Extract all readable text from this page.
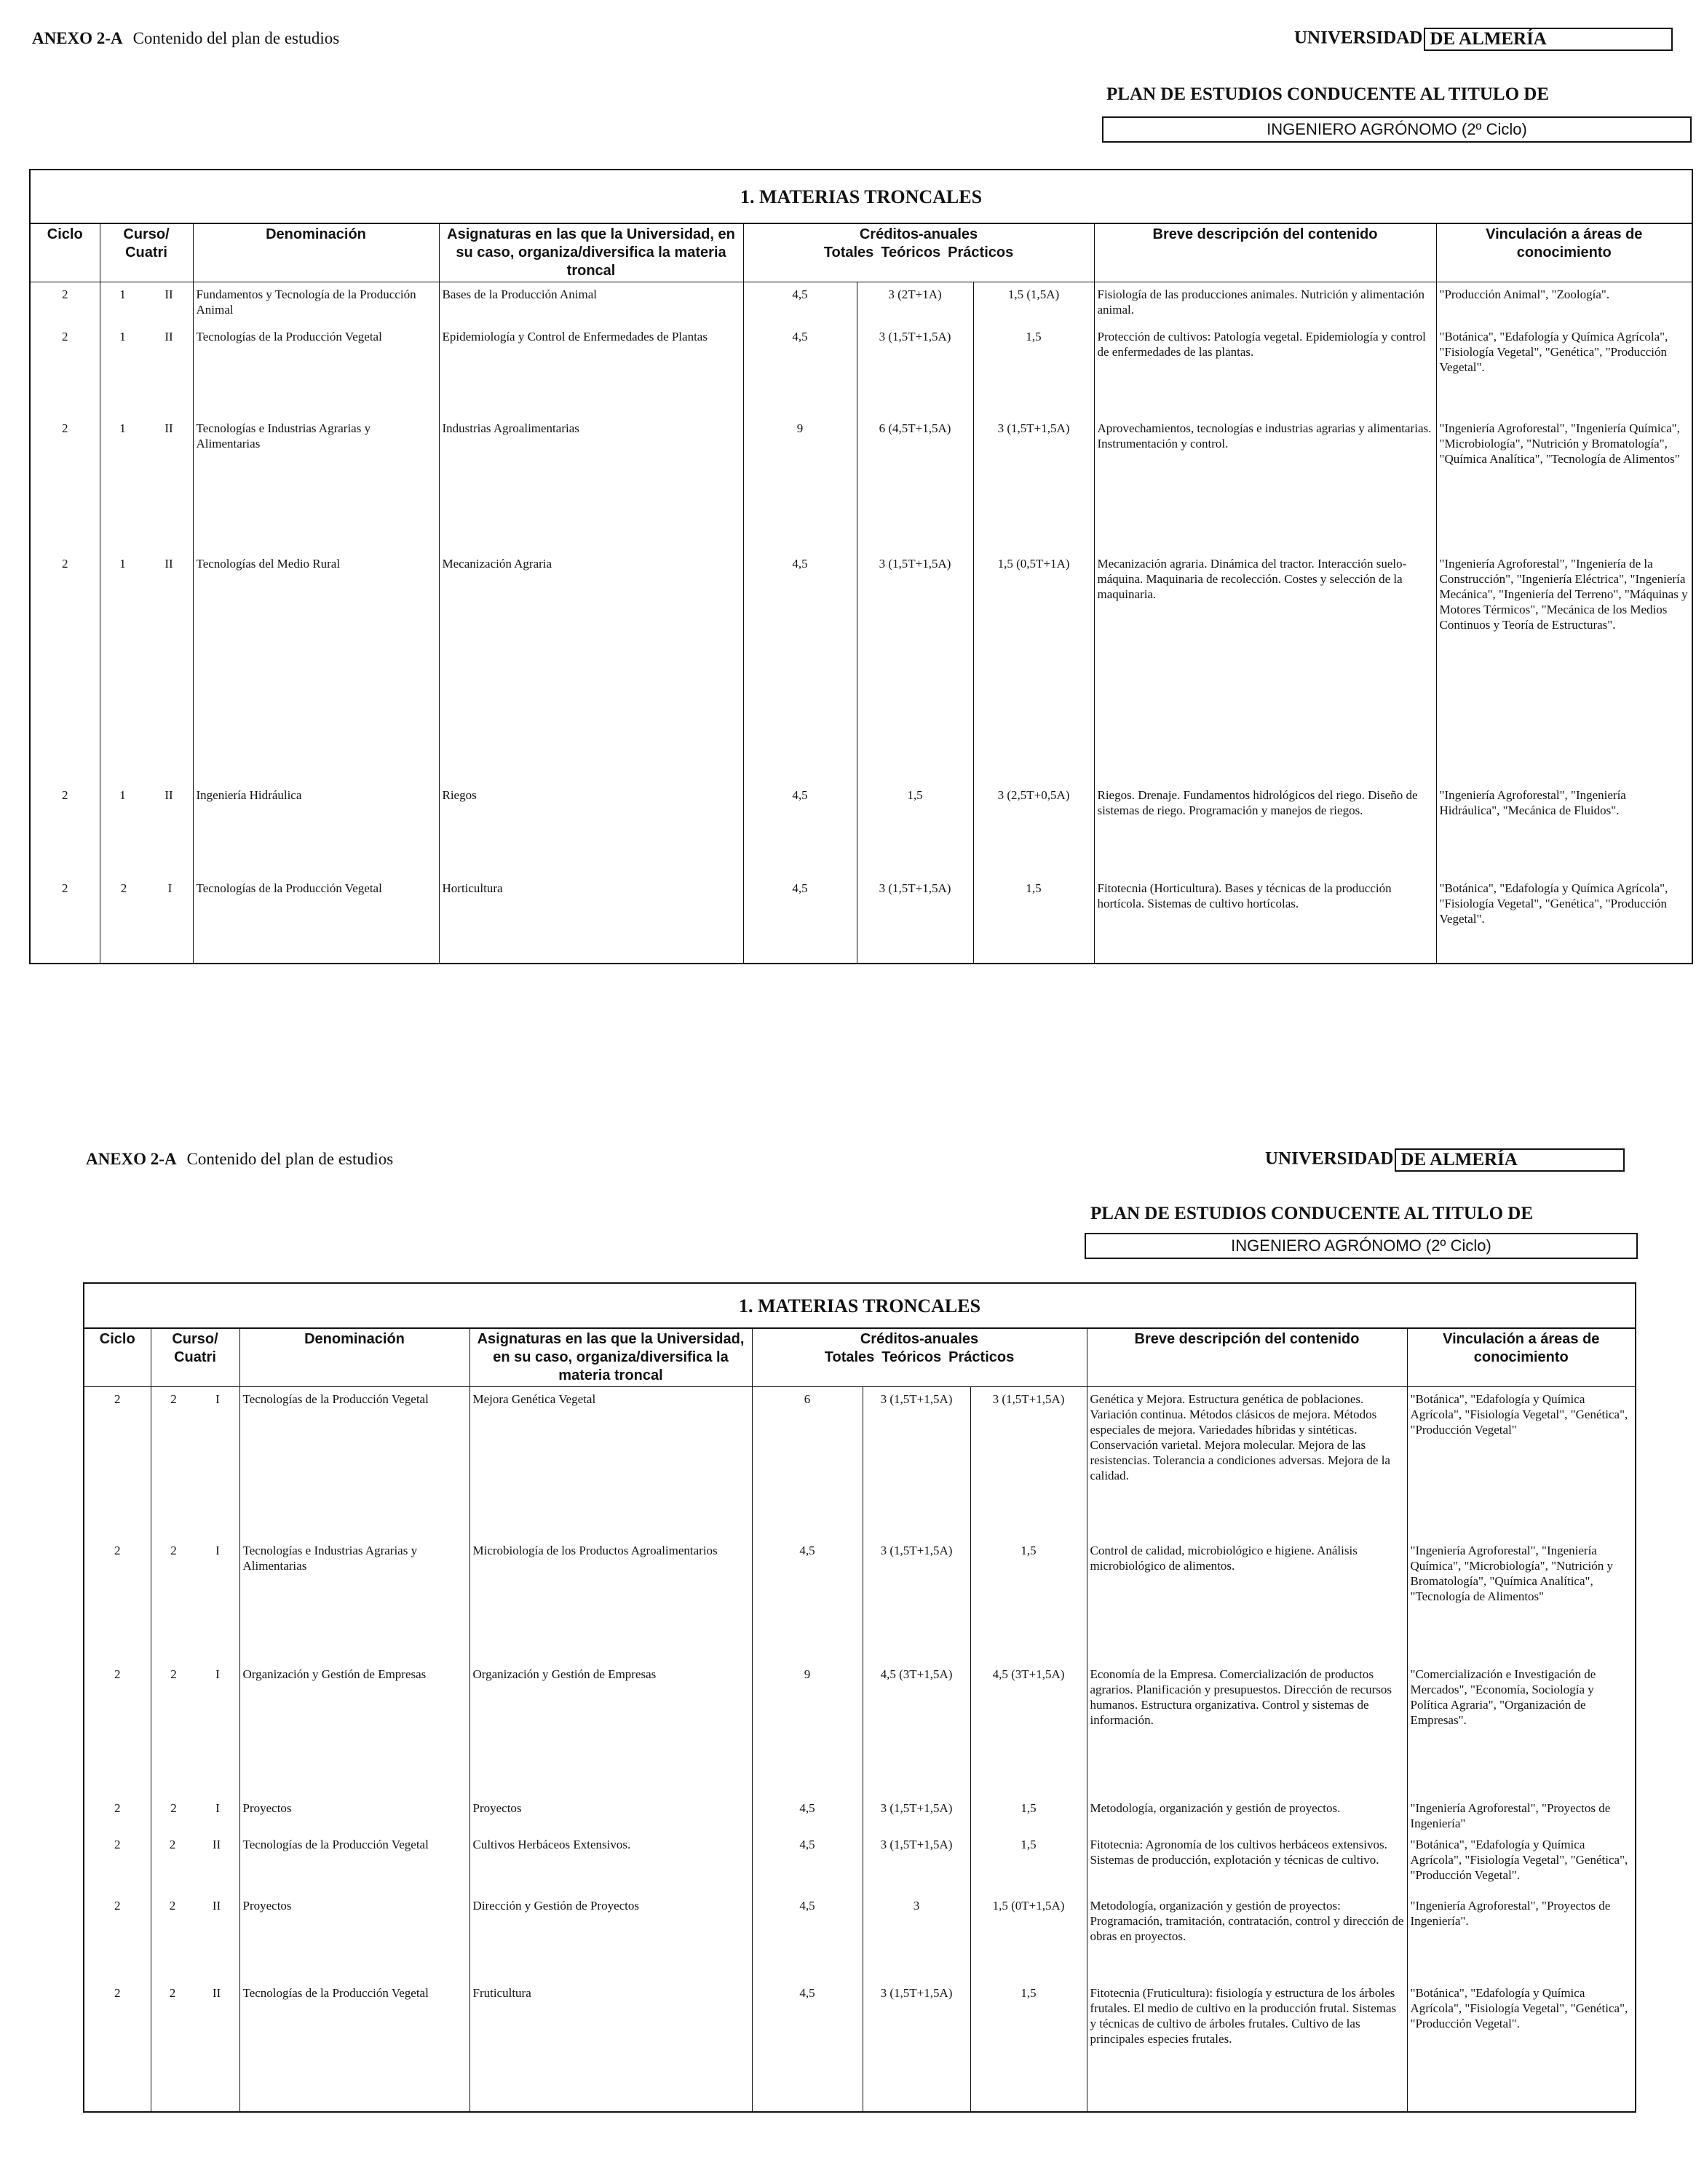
ANEXO 2-A Contenido del plan de estudios	UNIVERSIDAD DE ALMERÍA
PLAN DE ESTUDIOS CONDUCENTE AL TITULO DE
INGENIERO AGRÓNOMO (2º Ciclo)
1. MATERIAS TRONCALES								
Ciclo	Curso/ Cuatri	Denominación	Asignaturas en las que la Universidad, en su caso, organiza/diversifica la materia troncal	Créditos-anuales
Totales Teóricos Prácticos			Breve descripción del contenido	Vinculación a áreas de conocimiento
2	1 II	Fundamentos y Tecnología de la Producción Animal	Bases de la Producción Animal	4,5	3 (2T+1A)	1,5 (1,5A)	Fisiología de las producciones animales. Nutrición y alimentación animal.	"Producción Animal", "Zoología".
2	1 II	Tecnologías de la Producción Vegetal	Epidemiología y Control de Enfermedades de Plantas	4,5	3 (1,5T+1,5A)	1,5	Protección de cultivos: Patología vegetal. Epidemiología y control de enfermedades de las plantas.	"Botánica", "Edafología y Química Agrícola", "Fisiología Vegetal", "Genética", "Producción Vegetal".
2	1 II	Tecnologías e Industrias Agrarias y Alimentarias	Industrias Agroalimentarias	9	6 (4,5T+1,5A)	3 (1,5T+1,5A)	Aprovechamientos, tecnologías e industrias agrarias y alimentarias. Instrumentación y control.	"Ingeniería Agroforestal", "Ingeniería Química", "Microbiología", "Nutrición y Bromatología", "Química Analítica", "Tecnología de Alimentos"
2	1 II	Tecnologías del Medio Rural	Mecanización Agraria	4,5	3 (1,5T+1,5A)	1,5 (0,5T+1A)	Mecanización agraria. Dinámica del tractor. Interacción suelo-máquina. Maquinaria de recolección. Costes y selección de la maquinaria.	"Ingeniería Agroforestal", "Ingeniería de la Construcción", "Ingeniería Eléctrica", "Ingeniería Mecánica", "Ingeniería del Terreno", "Máquinas y Motores Térmicos", "Mecánica de los Medios Continuos y Teoría de Estructuras".
2	1 II	Ingeniería Hidráulica	Riegos	4,5	1,5	3 (2,5T+0,5A)	Riegos. Drenaje. Fundamentos hidrológicos del riego. Diseño de sistemas de riego. Programación y manejos de riegos.	"Ingeniería Agroforestal", "Ingeniería Hidráulica", "Mecánica de Fluidos".
2	2 I	Tecnologías de la Producción Vegetal	Horticultura	4,5	3 (1,5T+1,5A)	1,5	Fitotecnia (Horticultura). Bases y técnicas de la producción hortícola. Sistemas de cultivo hortícolas.	"Botánica", "Edafología y Química Agrícola", "Fisiología Vegetal", "Genética", "Producción Vegetal".
ANEXO 2-A Contenido del plan de estudios	UNIVERSIDAD DE ALMERÍA
PLAN DE ESTUDIOS CONDUCENTE AL TITULO DE
INGENIERO AGRÓNOMO (2º Ciclo)
1. MATERIAS TRONCALES								
Ciclo	Curso/ Cuatri	Denominación	Asignaturas en las que la Universidad, en su caso, organiza/diversifica la materia troncal	Créditos-anuales
Totales Teóricos Prácticos			Breve descripción del contenido	Vinculación a áreas de conocimiento
2	2 I	Tecnologías de la Producción Vegetal	Mejora Genética Vegetal	6	3 (1,5T+1,5A)	3 (1,5T+1,5A)	Genética y Mejora. Estructura genética de poblaciones. Variación continua. Métodos clásicos de mejora. Métodos especiales de mejora. Variedades híbridas y sintéticas. Conservación varietal. Mejora molecular. Mejora de las resistencias. Tolerancia a condiciones adversas. Mejora de la calidad.	"Botánica", "Edafología y Química Agrícola", "Fisiología Vegetal", "Genética", "Producción Vegetal"
2	2 I	Tecnologías e Industrias Agrarias y Alimentarias	Microbiología de los Productos Agroalimentarios	4,5	3 (1,5T+1,5A)	1,5	Control de calidad, microbiológico e higiene. Análisis microbiológico de alimentos.	"Ingeniería Agroforestal", "Ingeniería Química", "Microbiología", "Nutrición y Bromatología", "Química Analítica", "Tecnología de Alimentos"
2	2 I	Organización y Gestión de Empresas	Organización y Gestión de Empresas	9	4,5 (3T+1,5A)	4,5 (3T+1,5A)	Economía de la Empresa. Comercialización de productos agrarios. Planificación y presupuestos. Dirección de recursos humanos. Estructura organizativa. Control y sistemas de información.	"Comercialización e Investigación de Mercados", "Economía, Sociología y Política Agraria", "Organización de Empresas".
2	2 I	Proyectos	Proyectos	4,5	3 (1,5T+1,5A)	1,5	Metodología, organización y gestión de proyectos.	"Ingeniería Agroforestal", "Proyectos de Ingeniería"
2	2 II	Tecnologías de la Producción Vegetal	Cultivos Herbáceos Extensivos.	4,5	3 (1,5T+1,5A)	1,5	Fitotecnia: Agronomía de los cultivos herbáceos extensivos. Sistemas de producción, explotación y técnicas de cultivo.	"Botánica", "Edafología y Química Agrícola", "Fisiología Vegetal", "Genética", "Producción Vegetal".
2	2 II	Proyectos	Dirección y Gestión de Proyectos	4,5	3	1,5 (0T+1,5A)	Metodología, organización y gestión de proyectos: Programación, tramitación, contratación, control y dirección de obras en proyectos.	"Ingeniería Agroforestal", "Proyectos de Ingeniería".
2	2 II	Tecnologías de la Producción Vegetal	Fruticultura	4,5	3 (1,5T+1,5A)	1,5	Fitotecnia (Fruticultura): fisiología y estructura de los árboles frutales. El medio de cultivo en la producción frutal. Sistemas y técnicas de cultivo de árboles frutales. Cultivo de las principales especies frutales.	"Botánica", "Edafología y Química Agrícola", "Fisiología Vegetal", "Genética", "Producción Vegetal".
